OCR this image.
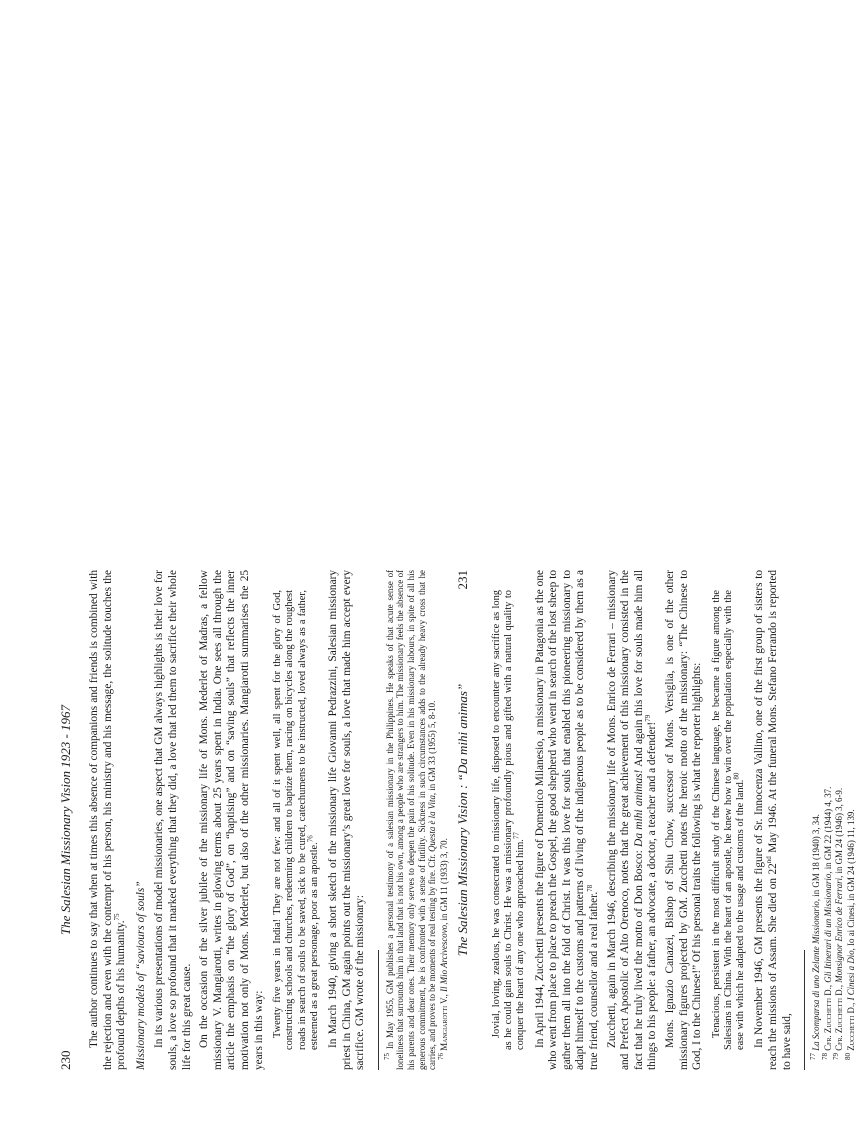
230
The Salesian Missionary Vision 1923 - 1967 The author continues to say that when at times this absence of companions and friends is combined with the rejection and even with the contempt of his person, his ministry and his message, the solitude touches the profound depths of his humanity.$^{75}$	Missionary models of “saviours of souls” In its various presentations of model missionaries, one aspect that GM always highlights is their love for souls, a love so profound that it marked everything that they did, a love that led them to sacrifice their whole life for this great cause. On the occasion of the silver jubilee of the missionary life of Mons. Mederlet of Madras, a fellow missionary V. Mangiarotti, writes in glowing terms about 25 years spent in India. One sees all through the article the emphasis on “the glory of God”, on “baptising” and on “saving souls” that reflects the inner motivation not only of Mons. Mederlet, but also of the other missionaries. Mangiarotti summarises the 25 years in this way: Twenty five years in India! They are not few: and all of it spent well, all spent for the glory of God, constructing schools and churches, redeeming children to baptize them, racing on bicycles along the roughest roads in search of souls to be saved, sick to be cured, catechumens to be instructed, loved always as a father, esteemed as a great personage, poor as an apostle.$^{76}$	In March 1940, giving a short sketch of the missionary life Giovanni Pedrazzini, Salesian missionary priest in China, GM again points out the missionary’s great love for souls, a love that made him accept every sacrifice. GM wrote of the missionary: $^{75}$ In May 1955, GM publishes a personal testimony of a salesian missionary in the Philippines. He speaks of that acute sense of loneliness that surrounds him in that land that is not his own, among a people who are strangers to him. The missionary feels the absence of his parents and dear ones. Their memory only serves to deepen the pain of his solitude. Even in his missionary labours, in spite of all his generous commitment, he is confronted with a sense of futility. Sickness in such circumstances adds to the already heavy cross that he carries, and proves to be moments of real testing by fire. Cfr. Questa è la Vita, in GM 33 (1955) 5, 8-10.

$^{76}$ Mangiarotti V., Il Mio Arcivescovo, in GM 11 (1933) 3, 70. The Salesian Missionary Vision : “Da mihi animas”
231

Jovial, loving, zealous, he was consecrated to missionary life, disposed to encounter any sacrifice as long as he could gain souls to Christ. He was a missionary profoundly pious and gifted with a natural quality to conquer the heart of any one who approached him.$^{77}$	In April 1944, Zucchetti presents the figure of Domenico Milanesio, a missionary in Patagonia as the one who went from place to place to preach the Gospel, the good shepherd who went in search of the lost sheep to gather them all into the fold of Christ. It was this love for souls that enabled this pioneering missionary to adapt himself to the customs and patterns of living of the indigenous people as to be considered by them as a true friend, counsellor and a real father.$^{78}$	Zucchetti, again in March 1946, describing the missionary life of Mons. Enrico de Ferrari – missionary and Prefect Apostolic of Alto Orenoco, notes that the great achievement of this missionary consisted in the fact that he truly lived the motto of Don Bosco: Da mihi animas! And again this love for souls made him all things to his people: a father, an advocate, a doctor, a teacher and a defender!$^{79}$	Mons. Ignazio Canazei, Bishop of Shiu Chow, successor of Mons. Versiglia, is one of the other missionary figures projected by GM. Zucchetti notes the heroic motto of the missionary: “The Chinese to God, I to the Chinese!” Of his personal traits the following is what the reporter highlights: Tenacious, persistent in the most difficult study of the Chinese language, he became a figure among the Salesians in China. With the heart of an apostle, he knew how to win over the population especially with the ease with which he adapted to the usage and customs of the land.$^{80}$	In November 1946, GM presents the figure of Sr. Innocenza Vallino, one of the first group of sisters to reach the missions of Assam. She died on 22nd May 1946. At the funeral Mons. Stefano Ferrando is reported to have said, $^{77}$ La Scomparsa di uno Zelante Missionario, in GM 18 (1940) 3, 34.

$^{78}$ Cfr. Zucchetti D., Gli Itinerari di un Missionario, in GM 22 (1944) 4, 37.

$^{79}$ Cfr. Zucchetti D., Monsignor Enrico de Ferrari, in GM 24 (1946) 3, 6-9.

$^{80}$ Zucchetti D., I Cinesi a Dio, Io ai Cinesi, in GM 24 (1946) 11, 139.
